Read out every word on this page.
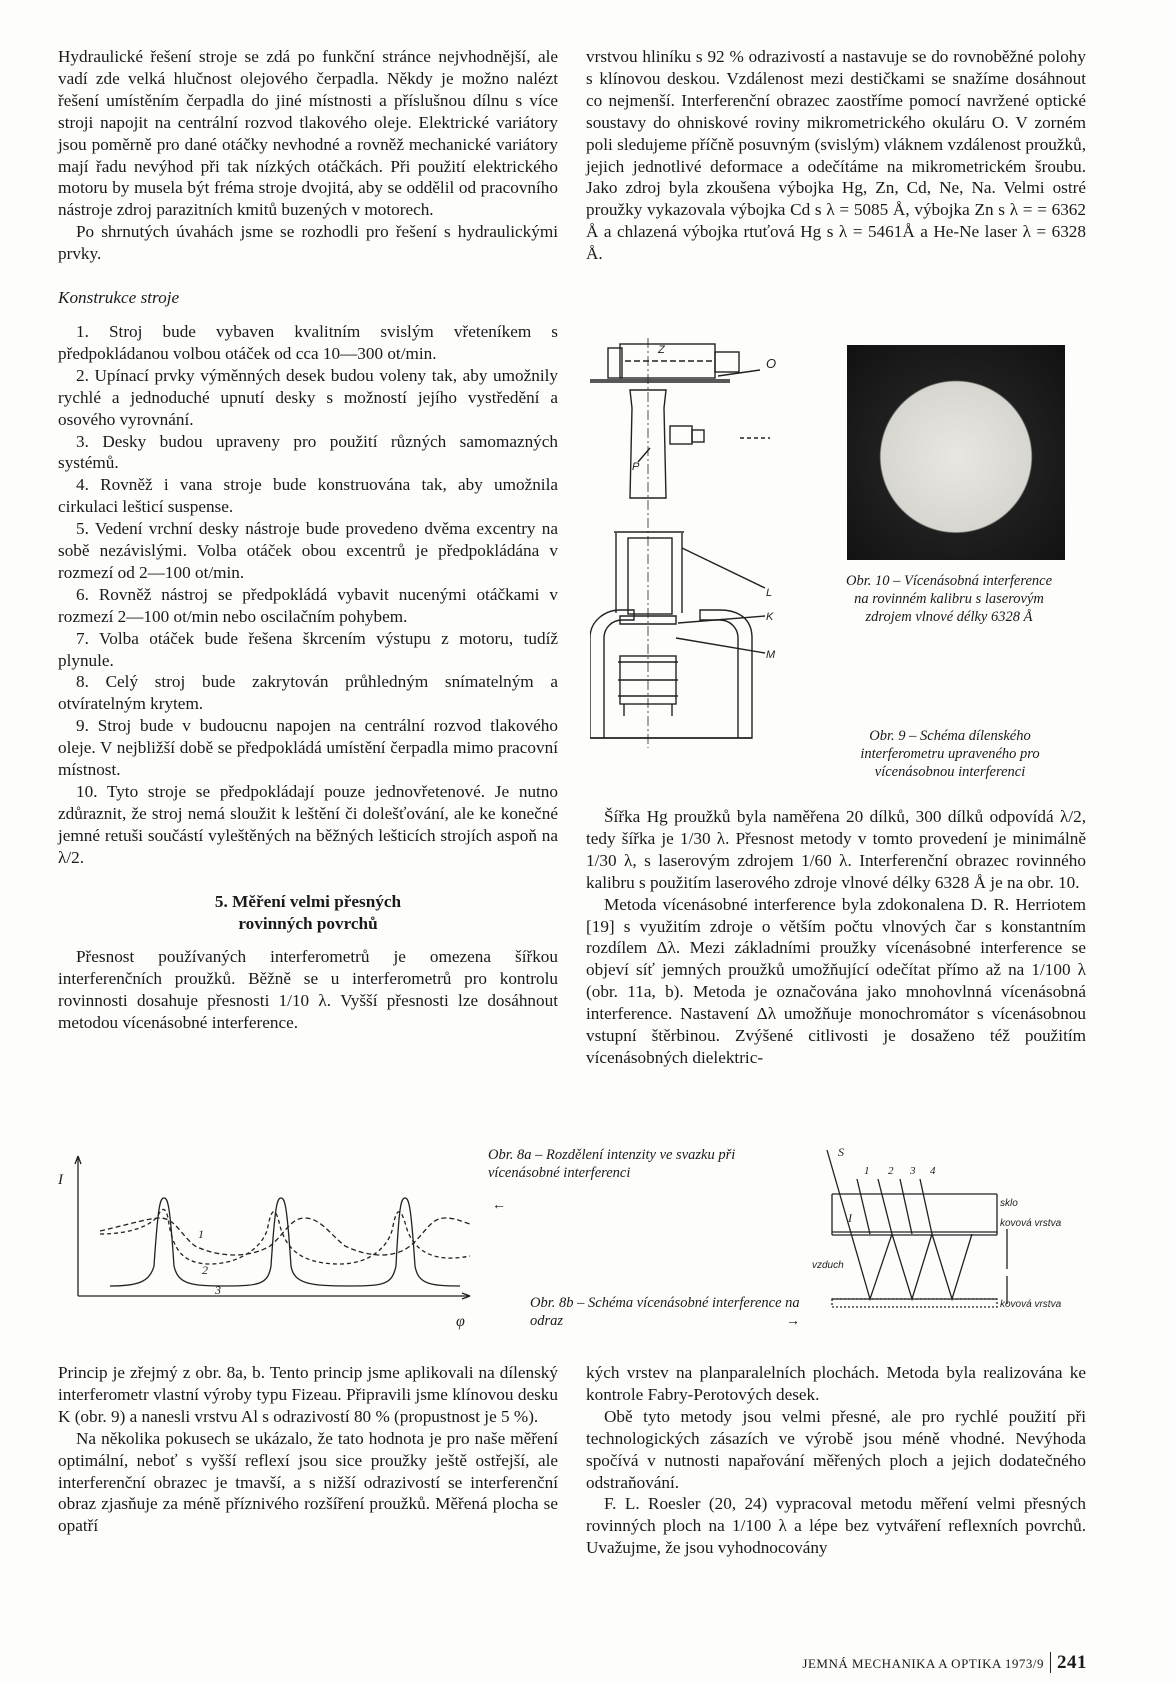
Hydraulické řešení stroje se zdá po funkční stránce nejvhodnější, ale vadí zde velká hlučnost olejového čerpadla. Někdy je možno nalézt řešení umístěním čerpadla do jiné místnosti a příslušnou dílnu s více stroji napojit na centrální rozvod tlakového oleje. Elektrické variátory jsou poměrně pro dané otáčky nevhodné a rovněž mechanické variátory mají řadu nevýhod při tak nízkých otáčkách. Při použití elektrického motoru by musela být fréma stroje dvojitá, aby se oddělil od pracovního nástroje zdroj parazitních kmitů buzených v motorech.

Po shrnutých úvahách jsme se rozhodli pro řešení s hydraulickými prvky.

Konstrukce stroje

1. Stroj bude vybaven kvalitním svislým vřeteníkem s předpokládanou volbou otáček od cca 10—300 ot/min.

2. Upínací prvky výměnných desek budou voleny tak, aby umožnily rychlé a jednoduché upnutí desky s možností jejího vystředění a osového vyrovnání.

3. Desky budou upraveny pro použití různých samomazných systémů.

4. Rovněž i vana stroje bude konstruována tak, aby umožnila cirkulaci lešticí suspense.

5. Vedení vrchní desky nástroje bude provedeno dvěma excentry na sobě nezávislými. Volba otáček obou excentrů je předpokládána v rozmezí od 2—100 ot/min.

6. Rovněž nástroj se předpokládá vybavit nucenými otáčkami v rozmezí 2—100 ot/min nebo oscilačním pohybem.

7. Volba otáček bude řešena škrcením výstupu z motoru, tudíž plynule.

8. Celý stroj bude zakrytován průhledným snímatelným a otvíratelným krytem.

9. Stroj bude v budoucnu napojen na centrální rozvod tlakového oleje. V nejbližší době se předpokládá umístění čerpadla mimo pracovní místnost.

10. Tyto stroje se předpokládají pouze jednovřetenové. Je nutno zdůraznit, že stroj nemá sloužit k leštění či dolešťování, ale ke konečné jemné retuši součástí vyleštěných na běžných lešticích strojích aspoň na λ/2.

5. Měření velmi přesných
rovinných povrchů

Přesnost používaných interferometrů je omezena šířkou interferenčních proužků. Běžně se u interferometrů pro kontrolu rovinnosti dosahuje přesnosti 1/10 λ. Vyšší přesnosti lze dosáhnout metodou vícenásobné interference.

vrstvou hliníku s 92 % odrazivostí a nastavuje se do rovnoběžné polohy s klínovou deskou. Vzdálenost mezi destičkami se snažíme dosáhnout co nejmenší. Interferenční obrazec zaostříme pomocí navržené optické soustavy do ohniskové roviny mikrometrického okuláru O. V zorném poli sledujeme příčně posuvným (svislým) vláknem vzdálenost proužků, jejich jednotlivé deformace a odečítáme na mikrometrickém šroubu. Jako zdroj byla zkoušena výbojka Hg, Zn, Cd, Ne, Na. Velmi ostré proužky vykazovala výbojka Cd s λ = 5085 Å, výbojka Zn s λ = = 6362 Å a chlazená výbojka rtuťová Hg s λ = 5461Å a He-Ne laser λ = 6328 Å.

Z
O
P
L
K
M
Obr. 10 – Vícenásobná interference na rovinném kalibru s laserovým zdrojem vlnové délky 6328 Å
Obr. 9 – Schéma dílenského interferometru upraveného pro vícenásobnou interferenci

Šířka Hg proužků byla naměřena 20 dílků, 300 dílků odpovídá λ/2, tedy šířka je 1/30 λ. Přesnost metody v tomto provedení je minimálně 1/30 λ, s laserovým zdrojem 1/60 λ. Interferenční obrazec rovinného kalibru s použitím laserového zdroje vlnové délky 6328 Å je na obr. 10.

Metoda vícenásobné interference byla zdokonalena D. R. Herriotem [19] s využitím zdroje o větším počtu vlnových čar s konstantním rozdílem Δλ. Mezi základními proužky vícenásobné interference se objeví síť jemných proužků umožňující odečítat přímo až na 1/100 λ (obr. 11a, b). Metoda je označována jako mnohovlnná vícenásobná interference. Nastavení Δλ umožňuje monochromátor s vícenásobnou vstupní štěrbinou. Zvýšené citlivosti je dosaženo též použitím vícenásobných dielektric-

I
1
2
3
φ
Obr. 8a – Rozdělení intenzity ve svazku při vícenásobné interferenci
←
Obr. 8b – Schéma vícenásobné interference na odraz	→
S
1 2 3 4
I
sklo
kovová vrstva
vzduch
kovová vrstva

Princip je zřejmý z obr. 8a, b. Tento princip jsme aplikovali na dílenský interferometr vlastní výroby typu Fizeau. Připravili jsme klínovou desku K (obr. 9) a nanesli vrstvu Al s odrazivostí 80 % (propustnost je 5 %).

Na několika pokusech se ukázalo, že tato hodnota je pro naše měření optimální, neboť s vyšší reflexí jsou sice proužky ještě ostřejší, ale interferenční obrazec je tmavší, a s nižší odrazivostí se interferenční obraz zjasňuje za méně příznivého rozšíření proužků. Měřená plocha se opatří

kých vrstev na planparalelních plochách. Metoda byla realizována ke kontrole Fabry-Perotových desek.

Obě tyto metody jsou velmi přesné, ale pro rychlé použití při technologických zásazích ve výrobě jsou méně vhodné. Nevýhoda spočívá v nutnosti napařování měřených ploch a jejich dodatečného odstraňování.

F. L. Roesler (20, 24) vypracoval metodu měření velmi přesných rovinných ploch na 1/100 λ a lépe bez vytváření reflexních povrchů. Uvažujme, že jsou vyhodnocovány

JEMNÁ MECHANIKA A OPTIKA 1973/9 241
